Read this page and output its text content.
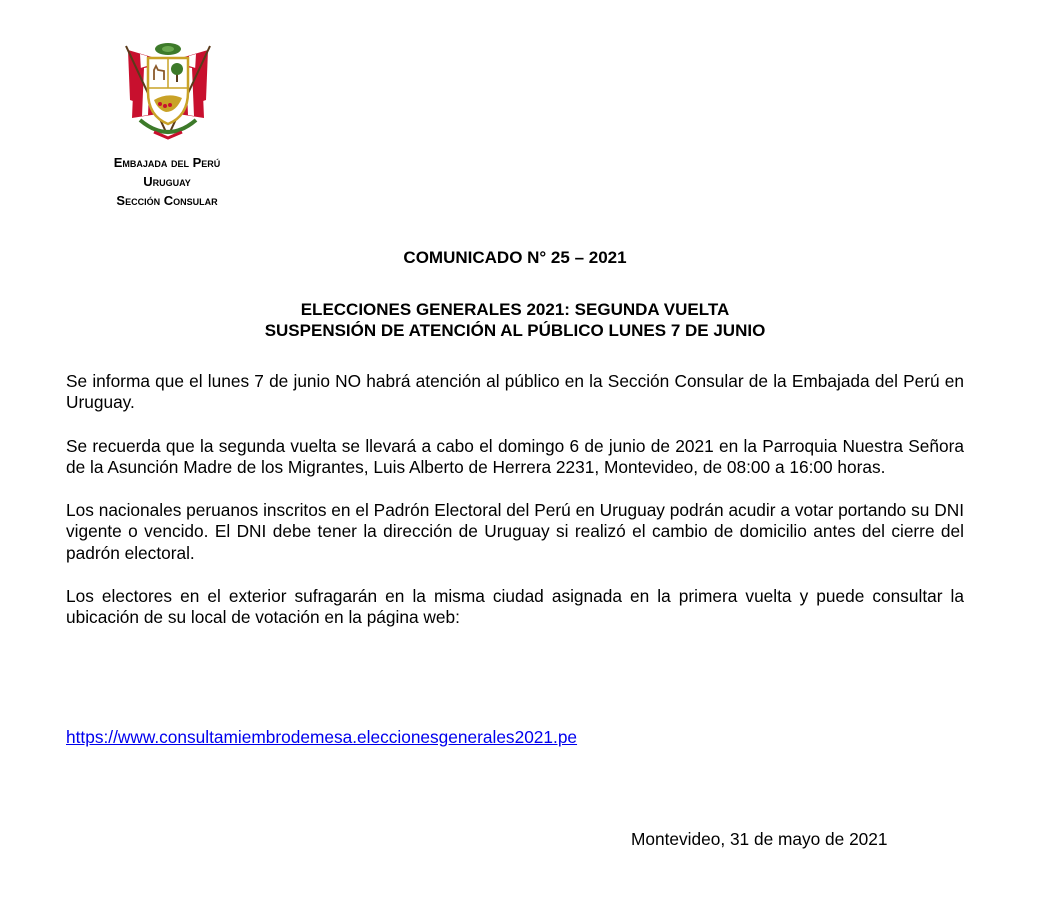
Embajada del Perú
Uruguay
Sección Consular
COMUNICADO N° 25 – 2021
ELECCIONES GENERALES 2021: SEGUNDA VUELTA
SUSPENSIÓN DE ATENCIÓN AL PÚBLICO LUNES 7 DE JUNIO

Se informa que el lunes 7 de junio NO habrá atención al público en la Sección Consular de la Embajada del Perú en Uruguay.

Se recuerda que la segunda vuelta se llevará a cabo el domingo 6 de junio de 2021 en la Parroquia Nuestra Señora de la Asunción Madre de los Migrantes, Luis Alberto de Herrera 2231, Montevideo, de 08:00 a 16:00 horas.

Los nacionales peruanos inscritos en el Padrón Electoral del Perú en Uruguay podrán acudir a votar portando su DNI vigente o vencido. El DNI debe tener la dirección de Uruguay si realizó el cambio de domicilio antes del cierre del padrón electoral.

Los electores en el exterior sufragarán en la misma ciudad asignada en la primera vuelta y puede consultar la ubicación de su local de votación en la página web:

https://www.consultamiembrodemesa.eleccionesgenerales2021.pe
Montevideo, 31 de mayo de 2021
